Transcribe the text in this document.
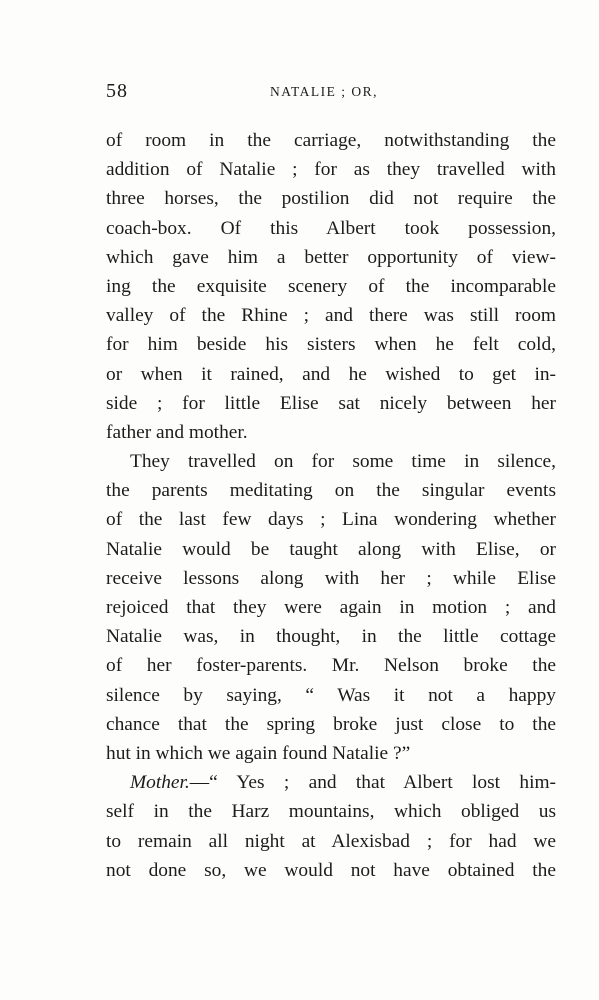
58	NATALIE ; OR,
of room in the carriage, notwithstanding the
addition of Natalie ; for as they travelled with
three horses, the postilion did not require the
coach-box. Of this Albert took possession,
which gave him a better opportunity of view-
ing the exquisite scenery of the incomparable
valley of the Rhine ; and there was still room
for him beside his sisters when he felt cold,
or when it rained, and he wished to get in-
side ; for little Elise sat nicely between her
father and mother.
They travelled on for some time in silence,
the parents meditating on the singular events
of the last few days ; Lina wondering whether
Natalie would be taught along with Elise, or
receive lessons along with her ; while Elise
rejoiced that they were again in motion ; and
Natalie was, in thought, in the little cottage
of her foster-parents. Mr. Nelson broke the
silence by saying, “ Was it not a happy
chance that the spring broke just close to the
hut in which we again found Natalie ?”
Mother.—“ Yes ; and that Albert lost him-
self in the Harz mountains, which obliged us
to remain all night at Alexisbad ; for had we
not done so, we would not have obtained the
